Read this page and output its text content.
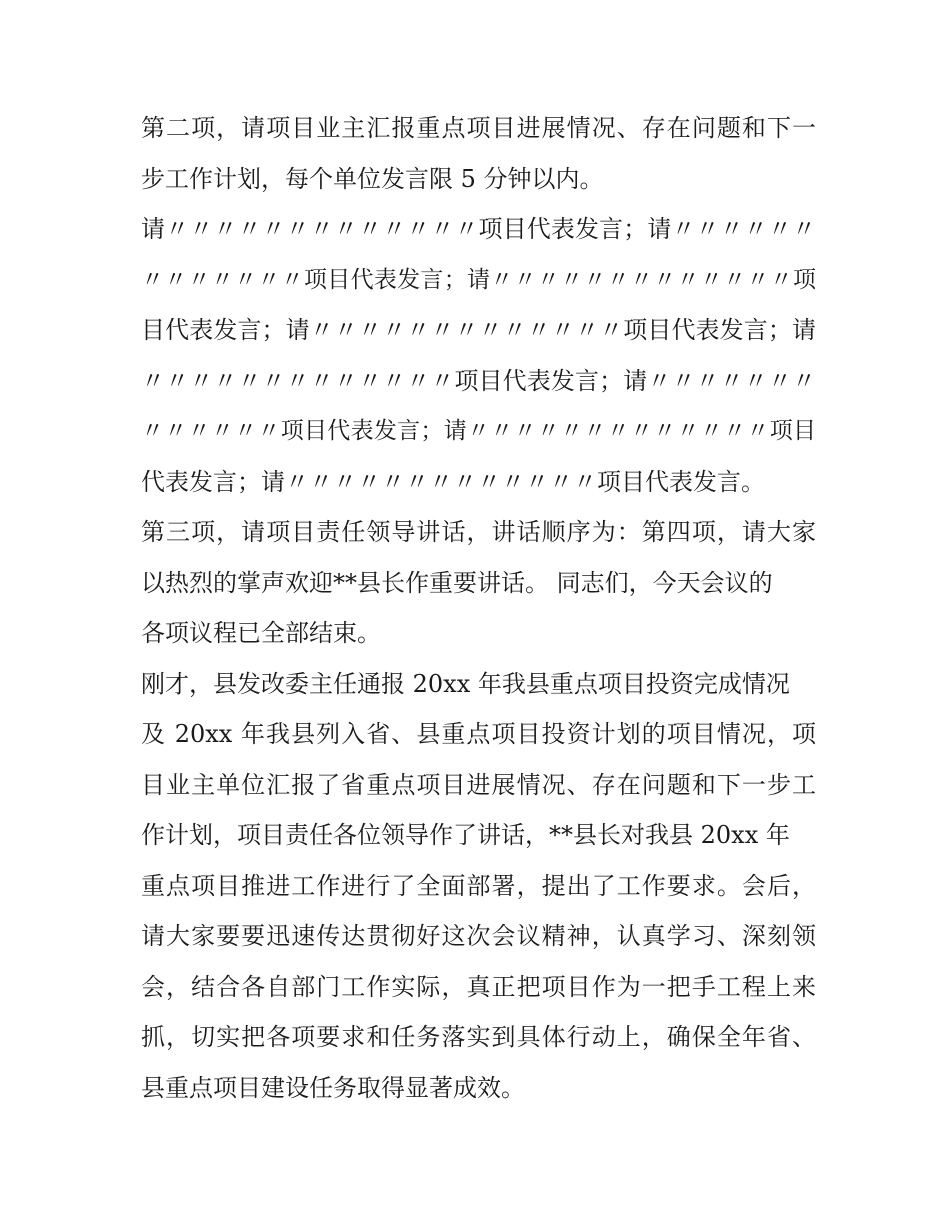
第二项，请项目业主汇报重点项目进展情况、存在问题和下一
步工作计划，每个单位发言限 5 分钟以内。
请〃〃〃〃〃〃〃〃〃〃〃〃〃项目代表发言；请〃〃〃〃〃〃
〃〃〃〃〃〃〃项目代表发言；请〃〃〃〃〃〃〃〃〃〃〃〃〃项
目代表发言；请〃〃〃〃〃〃〃〃〃〃〃〃〃项目代表发言；请
〃〃〃〃〃〃〃〃〃〃〃〃〃项目代表发言；请〃〃〃〃〃〃〃
〃〃〃〃〃〃项目代表发言；请〃〃〃〃〃〃〃〃〃〃〃〃〃项目
代表发言；请〃〃〃〃〃〃〃〃〃〃〃〃〃项目代表发言。
第三项，请项目责任领导讲话，讲话顺序为：第四项，请大家
以热烈的掌声欢迎**县长作重要讲话。 同志们，今天会议的
各项议程已全部结束。
刚才，县发改委主任通报 20xx 年我县重点项目投资完成情况
及 20xx 年我县列入省、县重点项目投资计划的项目情况，项
目业主单位汇报了省重点项目进展情况、存在问题和下一步工
作计划，项目责任各位领导作了讲话，**县长对我县 20xx 年
重点项目推进工作进行了全面部署，提出了工作要求。会后，
请大家要要迅速传达贯彻好这次会议精神，认真学习、深刻领
会，结合各自部门工作实际，真正把项目作为一把手工程上来
抓，切实把各项要求和任务落实到具体行动上，确保全年省、
县重点项目建设任务取得显著成效。
